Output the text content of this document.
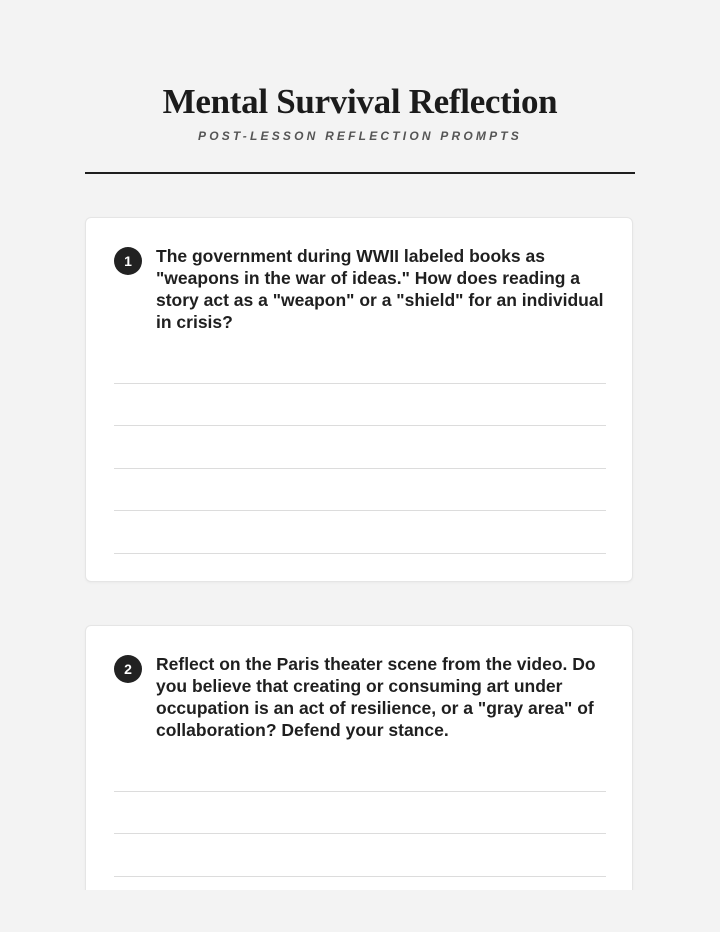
Mental Survival Reflection
POST-LESSON REFLECTION PROMPTS
1	The government during WWII labeled books as "weapons in the war of ideas." How does reading a story act as a "weapon" or a "shield" for an individual in crisis?
2	Reflect on the Paris theater scene from the video. Do you believe that creating or consuming art under occupation is an act of resilience, or a "gray area" of collaboration? Defend your stance.
